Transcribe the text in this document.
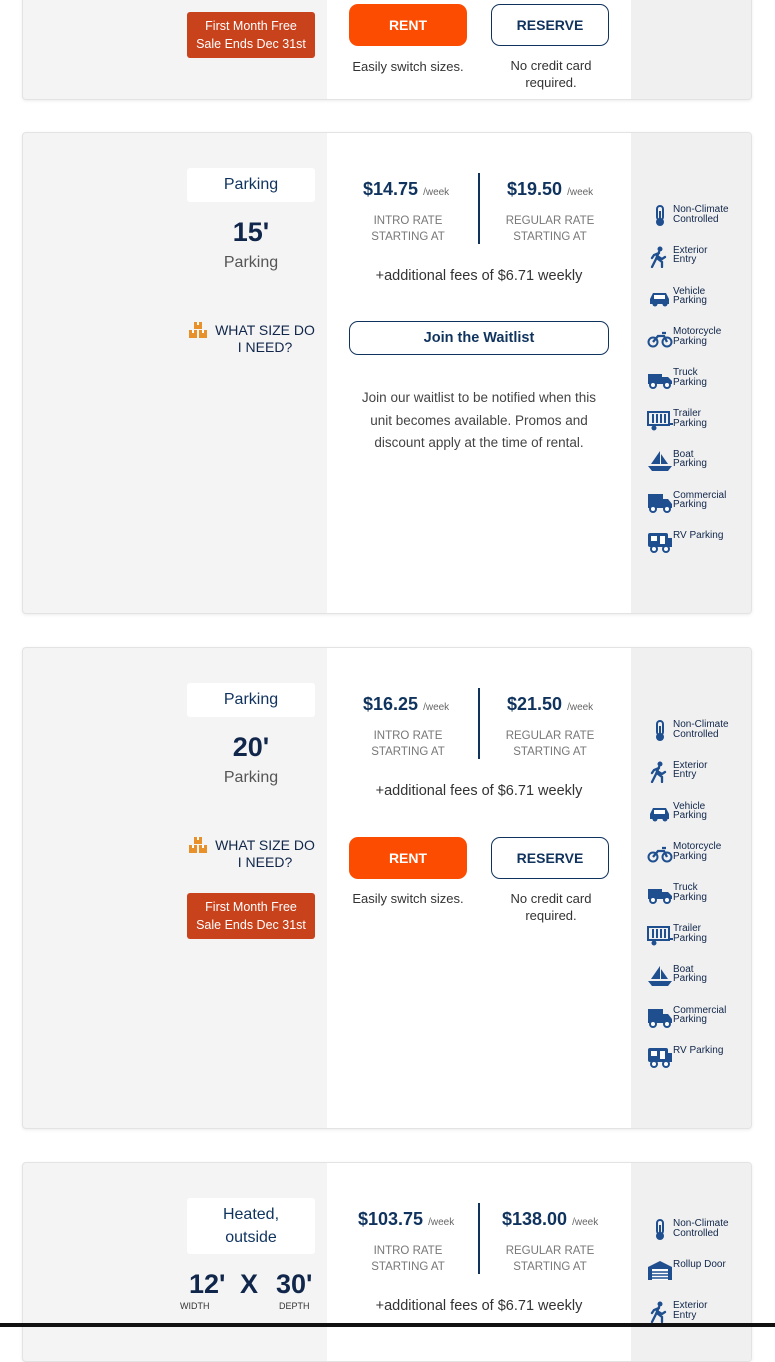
First Month Free
Sale Ends Dec 31st
RENT	RESERVE
Easily switch sizes.	No credit card required.
Non-Climate
Controlled
Exterior
Entry
Vehicle
Parking
Motorcycle
Parking
Truck
Parking
Trailer
Parking
Boat
Parking
Commercial
Parking
RV Parking
Parking
15'
Parking
WHAT SIZE DO I NEED?
$14.75 /week
INTRO RATE STARTING AT
$19.50 /week
REGULAR RATE STARTING AT
+additional fees of $6.71 weekly
Join the Waitlist
Join our waitlist to be notified when this unit becomes available. Promos and discount apply at the time of rental.
Non-Climate
Controlled
Exterior
Entry
Vehicle
Parking
Motorcycle
Parking
Truck
Parking
Trailer
Parking
Boat
Parking
Commercial
Parking
RV Parking
Parking
20'
Parking
WHAT SIZE DO I NEED?
First Month Free
Sale Ends Dec 31st
$16.25 /week
INTRO RATE STARTING AT
$21.50 /week
REGULAR RATE STARTING AT
+additional fees of $6.71 weekly
RENT	RESERVE
Easily switch sizes.	No credit card required.
Non-Climate
Controlled
Rollup Door
Exterior
Entry
Heated, outside
12' X 30'
WIDTH	DEPTH
$103.75 /week
INTRO RATE STARTING AT
$138.00 /week
REGULAR RATE STARTING AT
+additional fees of $6.71 weekly
